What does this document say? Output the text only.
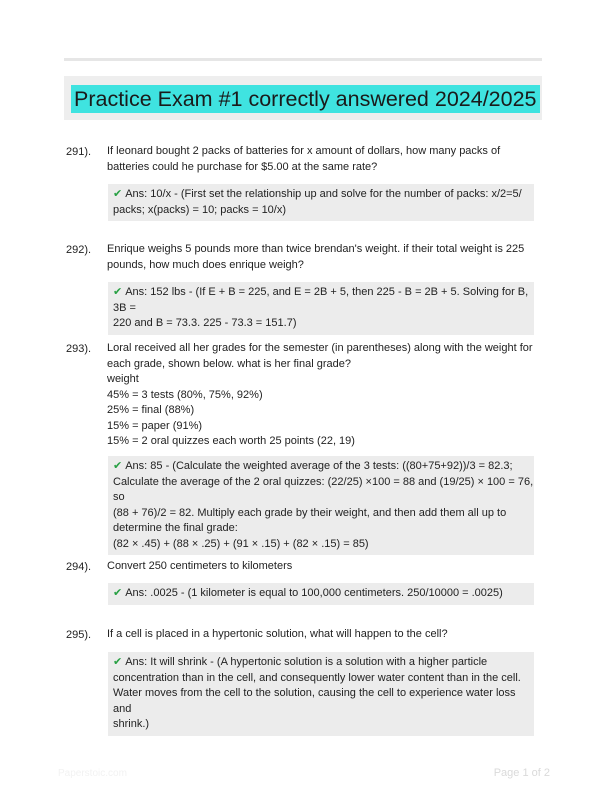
Practice Exam #1 correctly answered 2024/2025
291). If leonard bought 2 packs of batteries for x amount of dollars, how many packs of
batteries could he purchase for $5.00 at the same rate?
✔ Ans: 10/x - (First set the relationship up and solve for the number of packs: x/2=5/
packs; x(packs) = 10; packs = 10/x)
292). Enrique weighs 5 pounds more than twice brendan's weight. if their total weight is 225
pounds, how much does enrique weigh?
✔ Ans: 152 lbs - (If E + B = 225, and E = 2B + 5, then 225 - B = 2B + 5. Solving for B, 3B =
220 and B = 73.3. 225 - 73.3 = 151.7)
293). Loral received all her grades for the semester (in parentheses) along with the weight for
each grade, shown below. what is her final grade?
weight
45% = 3 tests (80%, 75%, 92%)
25% = final (88%)
15% = paper (91%)
15% = 2 oral quizzes each worth 25 points (22, 19)
✔ Ans: 85 - (Calculate the weighted average of the 3 tests: ((80+75+92))/3 = 82.3;
Calculate the average of the 2 oral quizzes: (22/25) ×100 = 88 and (19/25) × 100 = 76, so
(88 + 76)/2 = 82. Multiply each grade by their weight, and then add them all up to
determine the final grade:
(82 × .45) + (88 × .25) + (91 × .15) + (82 × .15) = 85)
294). Convert 250 centimeters to kilometers
✔ Ans: .0025 - (1 kilometer is equal to 100,000 centimeters. 250/10000 = .0025)
295). If a cell is placed in a hypertonic solution, what will happen to the cell?
✔ Ans: It will shrink - (A hypertonic solution is a solution with a higher particle
concentration than in the cell, and consequently lower water content than in the cell.
Water moves from the cell to the solution, causing the cell to experience water loss and
shrink.)
Paperstoic.com	Page 1 of 2
